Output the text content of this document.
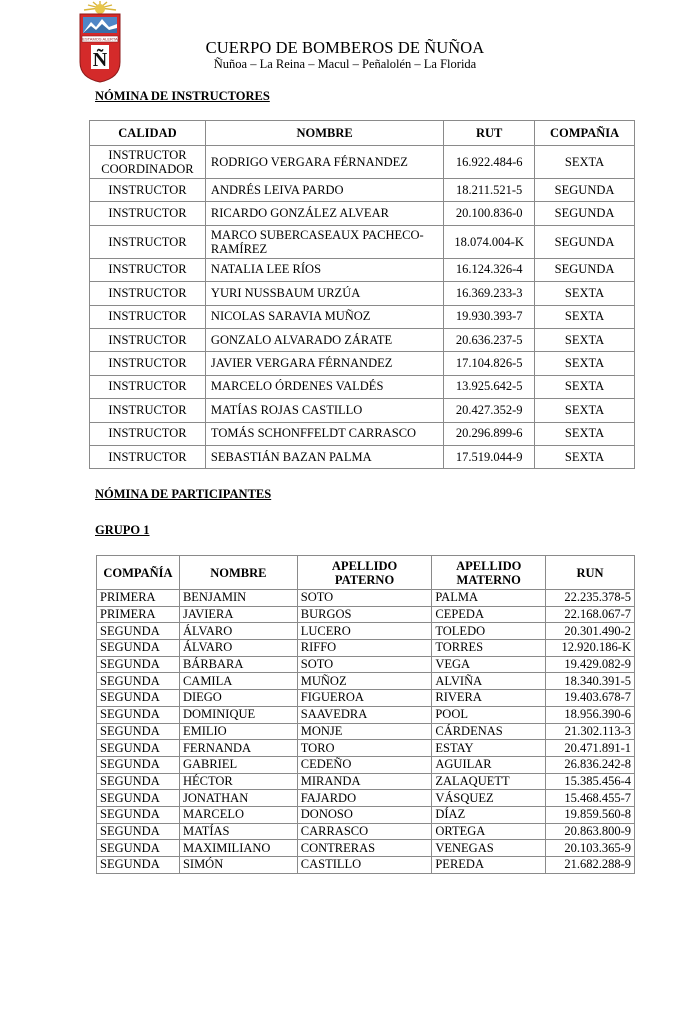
ESTAMOS ALERTA
Ñ
CUERPO DE BOMBEROS DE ÑUÑOA
Ñuñoa – La Reina – Macul – Peñalolén – La Florida
NÓMINA DE INSTRUCTORES
CALIDAD	NOMBRE	RUT	COMPAÑIA
INSTRUCTOR COORDINADOR	RODRIGO VERGARA FÉRNANDEZ	16.922.484-6	SEXTA
INSTRUCTOR	ANDRÉS LEIVA PARDO	18.211.521-5	SEGUNDA
INSTRUCTOR	RICARDO GONZÁLEZ ALVEAR	20.100.836-0	SEGUNDA
INSTRUCTOR	MARCO SUBERCASEAUX PACHECO-RAMÍREZ	18.074.004-K	SEGUNDA
INSTRUCTOR	NATALIA LEE RÍOS	16.124.326-4	SEGUNDA
INSTRUCTOR	YURI NUSSBAUM URZÚA	16.369.233-3	SEXTA
INSTRUCTOR	NICOLAS SARAVIA MUÑOZ	19.930.393-7	SEXTA
INSTRUCTOR	GONZALO ALVARADO ZÁRATE	20.636.237-5	SEXTA
INSTRUCTOR	JAVIER VERGARA FÉRNANDEZ	17.104.826-5	SEXTA
INSTRUCTOR	MARCELO ÓRDENES VALDÉS	13.925.642-5	SEXTA
INSTRUCTOR	MATÍAS ROJAS CASTILLO	20.427.352-9	SEXTA
INSTRUCTOR	TOMÁS SCHONFFELDT CARRASCO	20.296.899-6	SEXTA
INSTRUCTOR	SEBASTIÁN BAZAN PALMA	17.519.044-9	SEXTA
NÓMINA DE PARTICIPANTES
GRUPO 1
COMPAÑÍA	NOMBRE	APELLIDO PATERNO	APELLIDO MATERNO	RUN
PRIMERA	BENJAMIN	SOTO	PALMA	22.235.378-5
PRIMERA	JAVIERA	BURGOS	CEPEDA	22.168.067-7
SEGUNDA	ÁLVARO	LUCERO	TOLEDO	20.301.490-2
SEGUNDA	ÁLVARO	RIFFO	TORRES	12.920.186-K
SEGUNDA	BÁRBARA	SOTO	VEGA	19.429.082-9
SEGUNDA	CAMILA	MUÑOZ	ALVIÑA	18.340.391-5
SEGUNDA	DIEGO	FIGUEROA	RIVERA	19.403.678-7
SEGUNDA	DOMINIQUE	SAAVEDRA	POOL	18.956.390-6
SEGUNDA	EMILIO	MONJE	CÁRDENAS	21.302.113-3
SEGUNDA	FERNANDA	TORO	ESTAY	20.471.891-1
SEGUNDA	GABRIEL	CEDEÑO	AGUILAR	26.836.242-8
SEGUNDA	HÉCTOR	MIRANDA	ZALAQUETT	15.385.456-4
SEGUNDA	JONATHAN	FAJARDO	VÁSQUEZ	15.468.455-7
SEGUNDA	MARCELO	DONOSO	DÍAZ	19.859.560-8
SEGUNDA	MATÍAS	CARRASCO	ORTEGA	20.863.800-9
SEGUNDA	MAXIMILIANO	CONTRERAS	VENEGAS	20.103.365-9
SEGUNDA	SIMÓN	CASTILLO	PEREDA	21.682.288-9
